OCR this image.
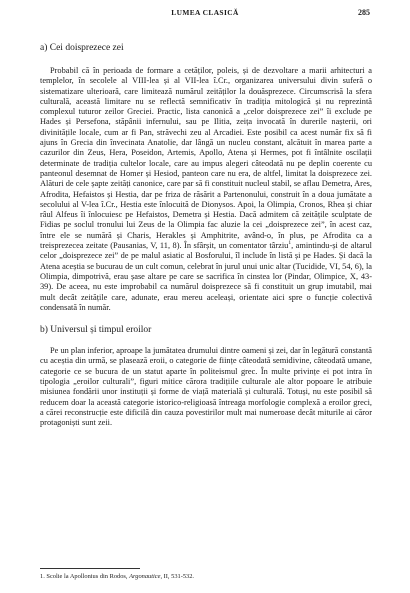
LUMEA CLASICĂ	285
a) Cei doisprezece zei

Probabil că în perioada de formare a cetăților, poleis, și de dezvoltare a marii arhitecturi a templelor, în secolele al VIII-lea și al VII-lea î.Cr., organizarea universului divin suferă o sistematizare ulterioară, care limitează numărul zeităților la douăsprezece. Circumscrisă la sfera culturală, această limitare nu se reflectă semnificativ în tradiția mitologică și nu reprezintă complexul tuturor zeilor Greciei. Practic, lista canonică a „celor doisprezece zei” îi exclude pe Hades și Persefona, stăpânii infernului, sau pe Ilitia, zeița invocată în durerile nașterii, ori divinitățile locale, cum ar fi Pan, străvechi zeu al Arcadiei. Este posibil ca acest număr fix să fi ajuns în Grecia din învecinata Anatolie, dar lângă un nucleu constant, alcătuit în marea parte a cazurilor din Zeus, Hera, Poseidon, Artemis, Apollo, Atena și Hermes, pot fi întâlnite oscilații determinate de tradiția cultelor locale, care au impus alegeri câteodată nu pe deplin coerente cu panteonul desemnat de Homer și Hesiod, panteon care nu era, de altfel, limitat la doisprezece zei. Alături de cele șapte zeități canonice, care par să fi constituit nucleul stabil, se aflau Demetra, Ares, Afrodita, Hefaistos și Hestia, dar pe friza de răsărit a Partenonului, construit în a doua jumătate a secolului al V-lea î.Cr., Hestia este înlocuită de Dionysos. Apoi, la Olimpia, Cronos, Rhea și chiar râul Alfeus îi înlocuiesc pe Hefaistos, Demetra și Hestia. Dacă admitem că zeitățile sculptate de Fidias pe soclul tronului lui Zeus de la Olimpia fac aluzie la cei „doisprezece zei”, în acest caz, între ele se numără și Charis, Herakles și Amphitrite, având-o, în plus, pe Afrodita ca a treisprezecea zeitate (Pausanias, V, 11, 8). În sfârșit, un comentator târziu$^1$, amintindu-și de altarul celor „doisprezece zei” de pe malul asiatic al Bosforului, îl include în listă și pe Hades. Și dacă la Atena aceștia se bucurau de un cult comun, celebrat în jurul unui unic altar (Tucidide, VI, 54, 6), la Olimpia, dimpotrivă, erau șase altare pe care se sacrifica în cinstea lor (Pindar, Olimpice, X, 43-39). De aceea, nu este improbabil ca numărul doisprezece să fi constituit un grup imutabil, mai mult decât zeitățile care, adunate, erau mereu aceleași, orientate aici spre o funcție colectivă condensată în număr.

b) Universul și timpul eroilor

Pe un plan inferior, aproape la jumătatea drumului dintre oameni și zei, dar în legătură constantă cu aceștia din urmă, se plasează eroii, o categorie de ființe câteodată semidivine, câteodată umane, categorie ce se bucura de un statut aparte în politeismul grec. În multe privințe ei pot intra în tipologia „eroilor culturali”, figuri mitice cărora tradițiile culturale ale altor popoare le atribuie misiunea fondării unor instituții și forme de viață materială și culturală. Totuși, nu este posibil să reducem doar la această categorie istorico-religioasă întreaga morfologie complexă a eroilor greci, a cărei reconstrucție este dificilă din cauza povestirilor mult mai numeroase decât miturile ai căror protagoniști sunt zeii.

1. Scolie la Apollonius din Rodos, Argonautice, II, 531-532.
